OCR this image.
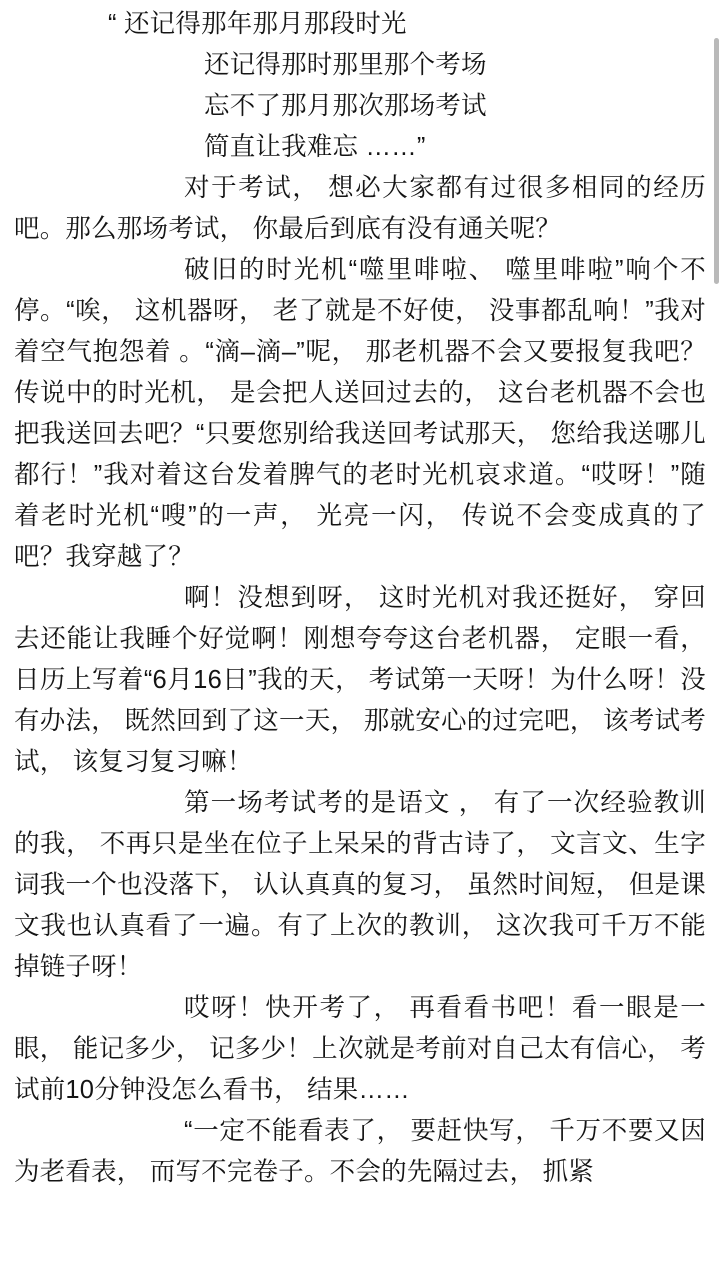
“ 还记得那年那月那段时光
还记得那时那里那个考场
忘不了那月那次那场考试
简直让我难忘 ……”

对于考试， 想必大家都有过很多相同的经历吧。那么那场考试， 你最后到底有没有通关呢？

破旧的时光机“噬里啡啦、 噬里啡啦”响个不停。“唉， 这机器呀， 老了就是不好使， 没事都乱响！”我对着空气抱怨着 。“滴–滴–”呢， 那老机器不会又要报复我吧？ 传说中的时光机， 是会把人送回过去的， 这台老机器不会也把我送回去吧？“只要您别给我送回考试那天， 您给我送哪儿都行！”我对着这台发着脾气的老时光机哀求道。“哎呀！”随着老时光机“嗖”的一声， 光亮一闪， 传说不会变成真的了吧？我穿越了？

啊！没想到呀， 这时光机对我还挺好， 穿回去还能让我睡个好觉啊！刚想夸夸这台老机器， 定眼一看， 日历上写着“6月16日”我的天， 考试第一天呀！为什么呀！没有办法， 既然回到了这一天， 那就安心的过完吧， 该考试考试， 该复习复习嘛！

第一场考试考的是语文 ， 有了一次经验教训的我， 不再只是坐在位子上呆呆的背古诗了， 文言文、生字词我一个也没落下， 认认真真的复习， 虽然时间短， 但是课文我也认真看了一遍。有了上次的教训， 这次我可千万不能掉链子呀！

哎呀！快开考了， 再看看书吧！看一眼是一眼， 能记多少， 记多少！上次就是考前对自己太有信心， 考试前10分钟没怎么看书， 结果……

“一定不能看表了， 要赶快写， 千万不要又因为老看表， 而写不完卷子。不会的先隔过去， 抓紧
